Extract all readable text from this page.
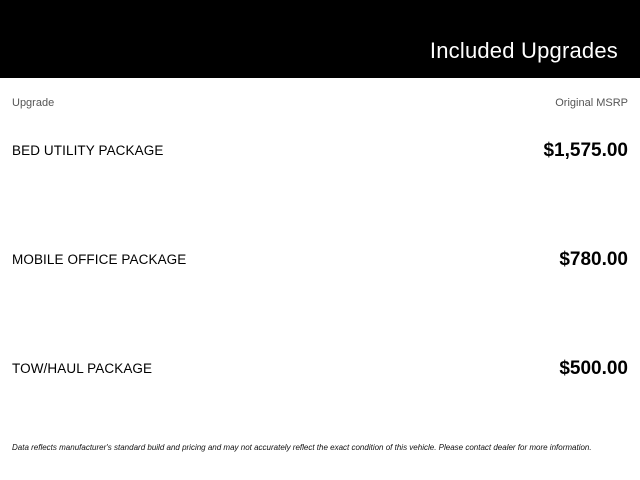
Included Upgrades
Upgrade	Original MSRP
BED UTILITY PACKAGE	$1,575.00
MOBILE OFFICE PACKAGE	$780.00
TOW/HAUL PACKAGE	$500.00
Data reflects manufacturer's standard build and pricing and may not accurately reflect the exact condition of this vehicle. Please contact dealer for more information.
